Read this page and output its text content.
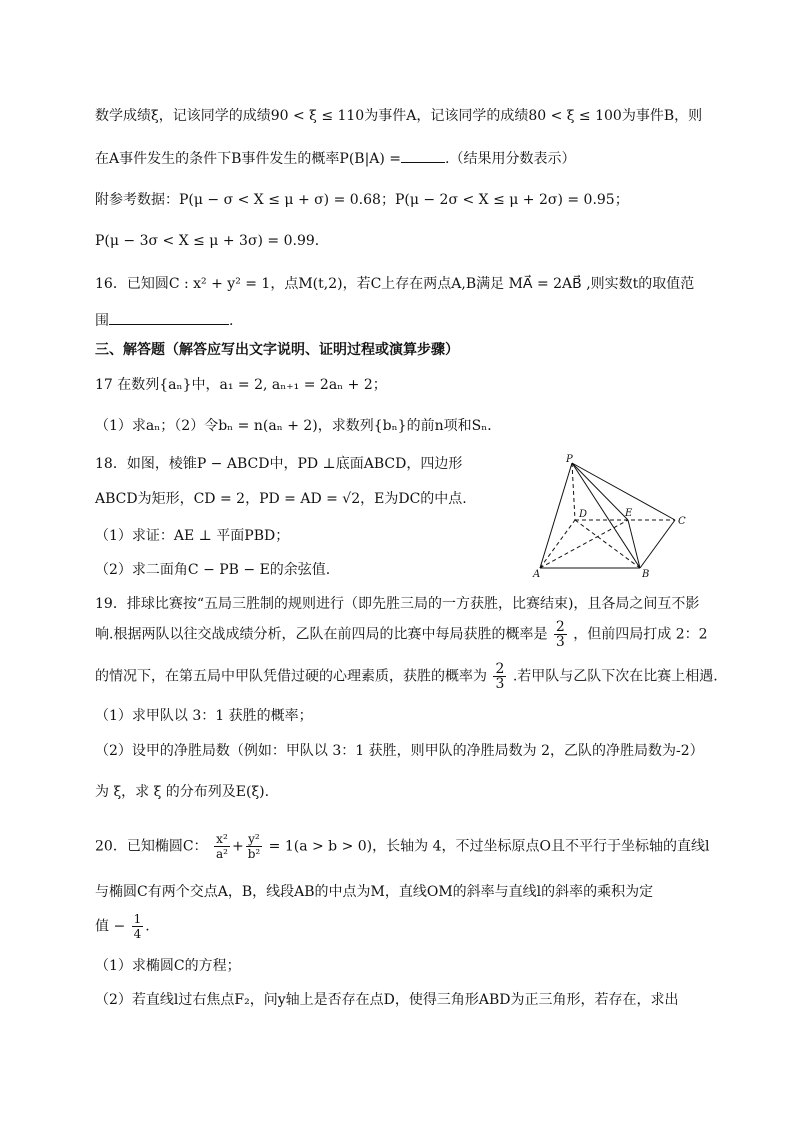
数学成绩ξ，记该同学的成绩90 < ξ ≤ 110为事件A，记该同学的成绩80 < ξ ≤ 100为事件B，则
在A事件发生的条件下B事件发生的概率P(B|A) =	.（结果用分数表示）
附参考数据：P(μ − σ < X ≤ μ + σ) = 0.68；P(μ − 2σ < X ≤ μ + 2σ) = 0.95；
P(μ − 3σ < X ≤ μ + 3σ) = 0.99．
16．已知圆C : x² + y² = 1，点M(t,2)，若C上存在两点A,B满足 MA⃗ = 2AB⃗ ,则实数t的取值范
围	.
三、解答题（解答应写出文字说明、证明过程或演算步骤）
17 在数列{aₙ}中，a₁ = 2, aₙ₊₁ = 2aₙ + 2；
（1）求aₙ；（2）令bₙ = n(aₙ + 2)，求数列{bₙ}的前n项和Sₙ．
18．如图，棱锥P − ABCD中，PD ⊥底面ABCD，四边形
ABCD为矩形，CD = 2，PD = AD = √2，E为DC的中点.
（1）求证：AE ⊥ 平面PBD；
（2）求二面角C − PB − E的余弦值.
P
D	E
C
A	B
19．排球比赛按“五局三胜制的规则进行（即先胜三局的一方获胜，比赛结束)，且各局之间互不影
响.根据两队以往交战成绩分析，乙队在前四局的比赛中每局获胜的概率是 $\frac{2}{3}$ ，但前四局打成 2：2
的情况下，在第五局中甲队凭借过硬的心理素质，获胜的概率为 $\frac{2}{3}$ .若甲队与乙队下次在比赛上相遇.
（1）求甲队以 3：1 获胜的概率；
（2）设甲的净胜局数（例如：甲队以 3：1 获胜，则甲队的净胜局数为 2，乙队的净胜局数为-2）
为 ξ，求 ξ 的分布列及E(ξ).
20．已知椭圆C： $\frac{\text{x²}}{\text{a²}} + \frac{\text{y²}}{\text{b²}} = 1(a > b > 0)$，长轴为 4，不过坐标原点O且不平行于坐标轴的直线l
与椭圆C有两个交点A，B，线段AB的中点为M，直线OM的斜率与直线l的斜率的乘积为定
值 − $\frac{1}{4}$ .
（1）求椭圆C的方程；
（2）若直线l过右焦点F₂，问y轴上是否存在点D，使得三角形ABD为正三角形，若存在，求出
